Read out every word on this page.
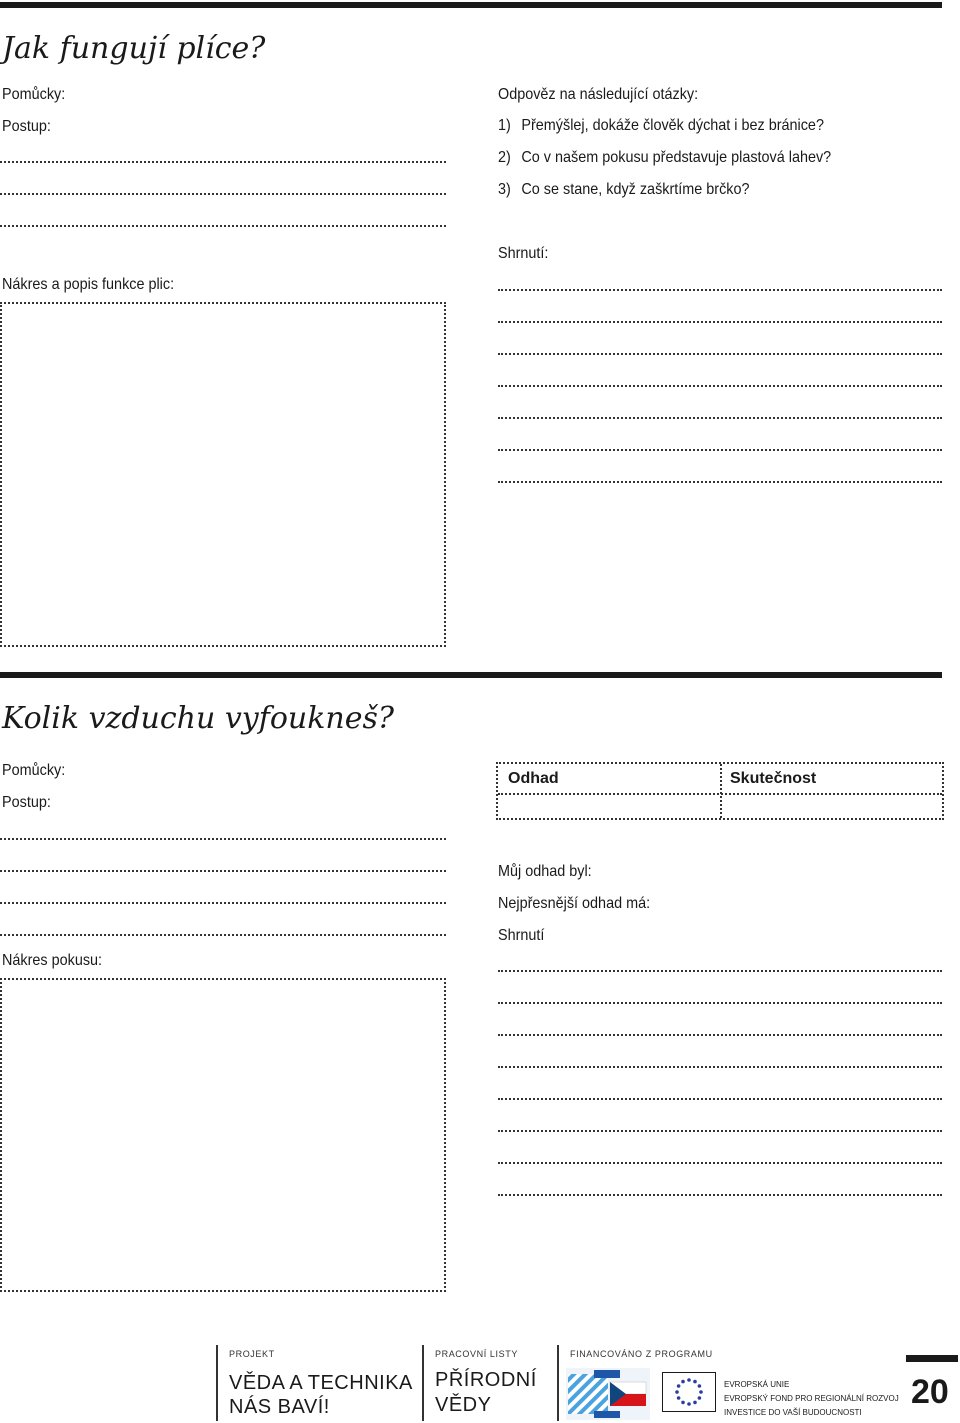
Jak fungují plíce?
Pomůcky:
Postup:
Nákres a popis funkce plic:
Odpověz na následující otázky:
1) Přemýšlej, dokáže člověk dýchat i bez bránice?
2) Co v našem pokusu představuje plastová lahev?
3) Co se stane, když zaškrtíme brčko?
Shrnutí:
Kolik vzduchu vyfoukneš?
Pomůcky:
Postup:
Nákres pokusu:
Odhad	Skutečnost
Můj odhad byl:
Nejpřesnější odhad má:
Shrnutí
PROJEKT
VĚDA A TECHNIKA
NÁS BAVÍ!
PRACOVNÍ LISTY
PŘÍRODNÍ
VĚDY
FINANCOVÁNO Z PROGRAMU
EVROPSKÁ UNIE
EVROPSKÝ FOND PRO REGIONÁLNÍ ROZVOJ
INVESTICE DO VAŠÍ BUDOUCNOSTI
20
